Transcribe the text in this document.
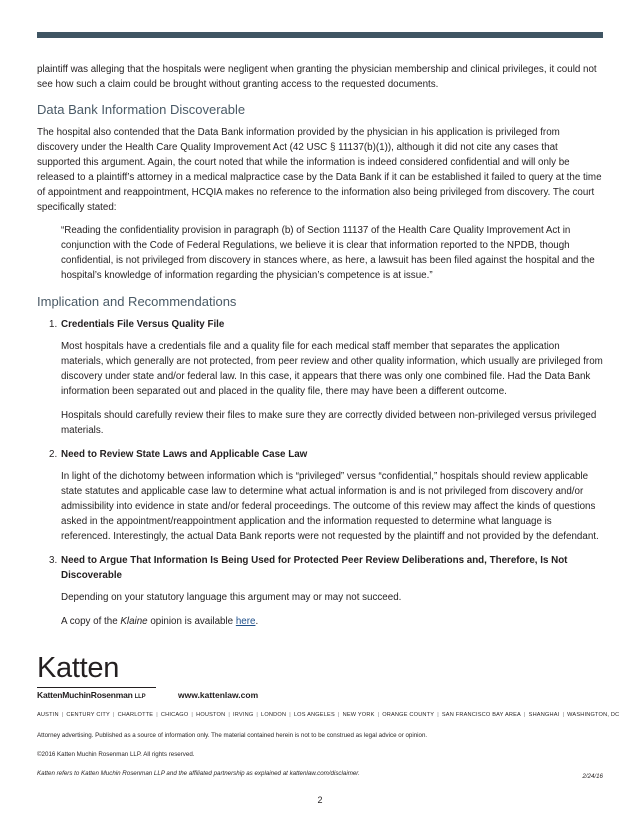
plaintiff was alleging that the hospitals were negligent when granting the physician membership and clinical privileges, it could not see how such a claim could be brought without granting access to the requested documents.

Data Bank Information Discoverable

The hospital also contended that the Data Bank information provided by the physician in his application is privileged from discovery under the Health Care Quality Improvement Act (42 USC § 11137(b)(1)), although it did not cite any cases that supported this argument. Again, the court noted that while the information is indeed considered confidential and will only be released to a plaintiff’s attorney in a medical malpractice case by the Data Bank if it can be established it failed to query at the time of appointment and reappointment, HCQIA makes no reference to the information also being privileged from discovery. The court specifically stated:

“Reading the confidentiality provision in paragraph (b) of Section 11137 of the Health Care Quality Improvement Act in conjunction with the Code of Federal Regulations, we believe it is clear that information reported to the NPDB, though confidential, is not privileged from discovery in stances where, as here, a lawsuit has been filed against the hospital and the hospital’s knowledge of information regarding the physician’s competence is at issue.”

Implication and Recommendations
1. Credentials File Versus Quality File

Most hospitals have a credentials file and a quality file for each medical staff member that separates the application materials, which generally are not protected, from peer review and other quality information, which usually are privileged from discovery under state and/or federal law. In this case, it appears that there was only one combined file. Had the Data Bank information been separated out and placed in the quality file, there may have been a different outcome.

Hospitals should carefully review their files to make sure they are correctly divided between non-privileged versus privileged materials.

2. Need to Review State Laws and Applicable Case Law

In light of the dichotomy between information which is “privileged” versus “confidential,” hospitals should review applicable state statutes and applicable case law to determine what actual information is and is not privileged from discovery and/or admissibility into evidence in state and/or federal proceedings. The outcome of this review may affect the kinds of questions asked in the appointment/reappointment application and the information requested to determine what language is referenced. Interestingly, the actual Data Bank reports were not requested by the plaintiff and not provided by the defendant.

3. Need to Argue That Information Is Being Used for Protected Peer Review Deliberations and, Therefore, Is Not Discoverable

Depending on your statutory language this argument may or may not succeed.

A copy of the Klaine opinion is available here.

Katten
KattenMuchinRosenman LLP	www.kattenlaw.com
AUSTIN | CENTURY CITY | CHARLOTTE | CHICAGO | HOUSTON | IRVING | LONDON | LOS ANGELES | NEW YORK | ORANGE COUNTY | SAN FRANCISCO BAY AREA | SHANGHAI | WASHINGTON, DC
Attorney advertising. Published as a source of information only. The material contained herein is not to be construed as legal advice or opinion.
©2016 Katten Muchin Rosenman LLP. All rights reserved.
Katten refers to Katten Muchin Rosenman LLP and the affiliated partnership as explained at kattenlaw.com/disclaimer.	2/24/16
2
